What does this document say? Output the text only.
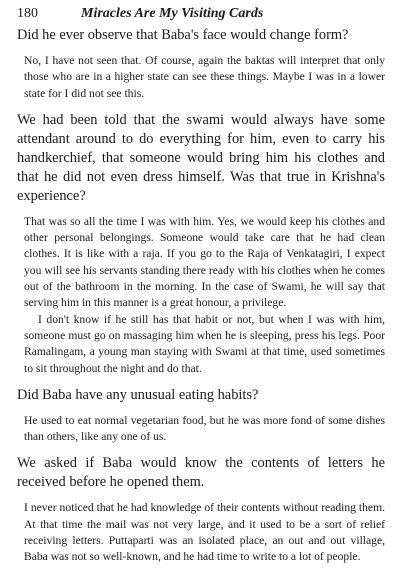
180	Miracles Are My Visiting Cards

Did he ever observe that Baba's face would change form?

No, I have not seen that. Of course, again the baktas will interpret that only those who are in a higher state can see these things. Maybe I was in a lower state for I did not see this.

We had been told that the swami would always have some attendant around to do everything for him, even to carry his handkerchief, that someone would bring him his clothes and that he did not even dress himself. Was that true in Krishna's experience?

That was so all the time I was with him. Yes, we would keep his clothes and other personal belongings. Someone would take care that he had clean clothes. It is like with a raja. If you go to the Raja of Venkatagiri, I expect you will see his servants standing there ready with his clothes when he comes out of the bathroom in the morning. In the case of Swami, he will say that serving him in this manner is a great honour, a privilege.
I don't know if he still has that habit or not, but when I was with him, someone must go on massaging him when he is sleeping, press his legs. Poor Ramalingam, a young man staying with Swami at that time, used sometimes to sit throughout the night and do that.

Did Baba have any unusual eating habits?

He used to eat normal vegetarian food, but he was more fond of some dishes than others, like any one of us.

We asked if Baba would know the contents of letters he received before he opened them.

I never noticed that he had knowledge of their contents without reading them. At that time the mail was not very large, and it used to be a sort of relief receiving letters. Puttaparti was an isolated place, an out and out village, Baba was not so well-known, and he had time to write to a lot of people.
